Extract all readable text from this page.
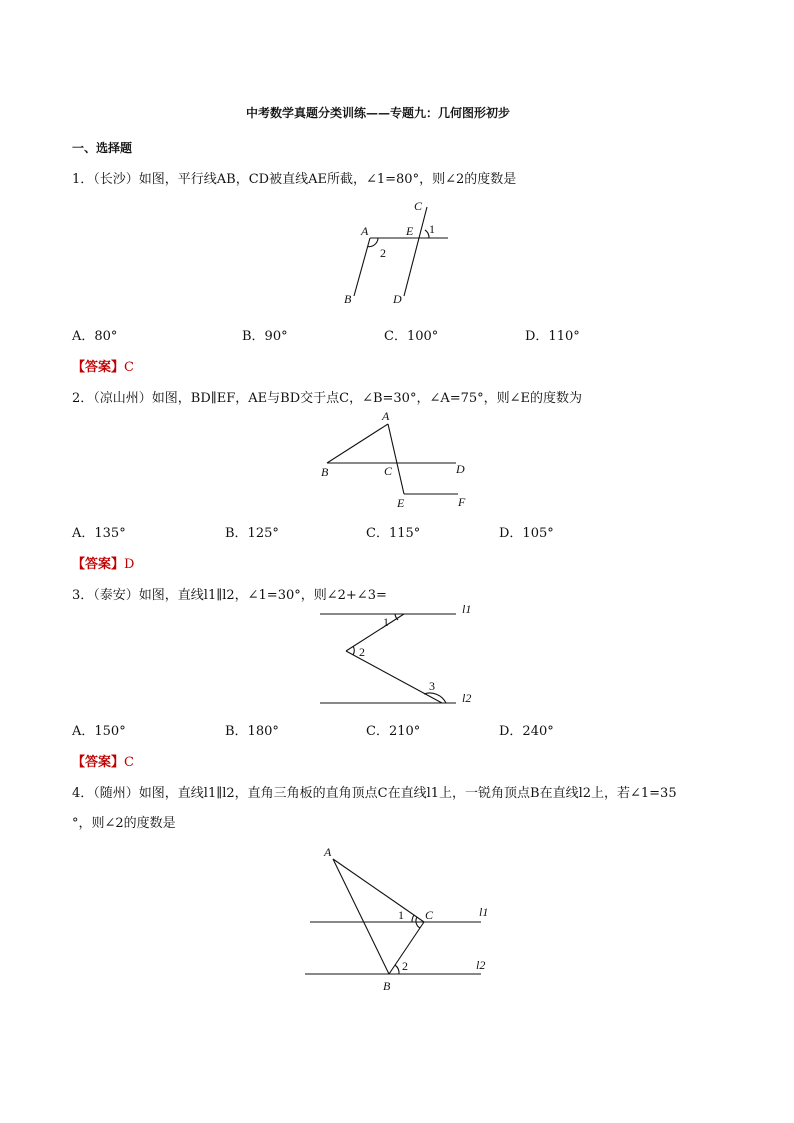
中考数学真题分类训练——专题九：几何图形初步
一、选择题
1．（长沙）如图，平行线AB，CD被直线AE所截，∠1=80°，则∠2的度数是
A．80°	B．90°	C．100°	D．110°
【答案】C
2．（凉山州）如图，BD∥EF，AE与BD交于点C，∠B=30°，∠A=75°，则∠E的度数为
A．135°	B．125°	C．115°	D．105°
【答案】D
3．（泰安）如图，直线l1∥l2，∠1=30°，则∠2+∠3=
A．150°	B．180°	C．210°	D．240°
【答案】C
4．（随州）如图，直线l1∥l2，直角三角板的直角顶点C在直线l1上，一锐角顶点B在直线l2上，若∠1=35
°，则∠2的度数是
C
A	E 1
2
B	D
A
B	C	D
E	F
1
2
3
l1
l2
A
1 C	l1
2	l2
B
